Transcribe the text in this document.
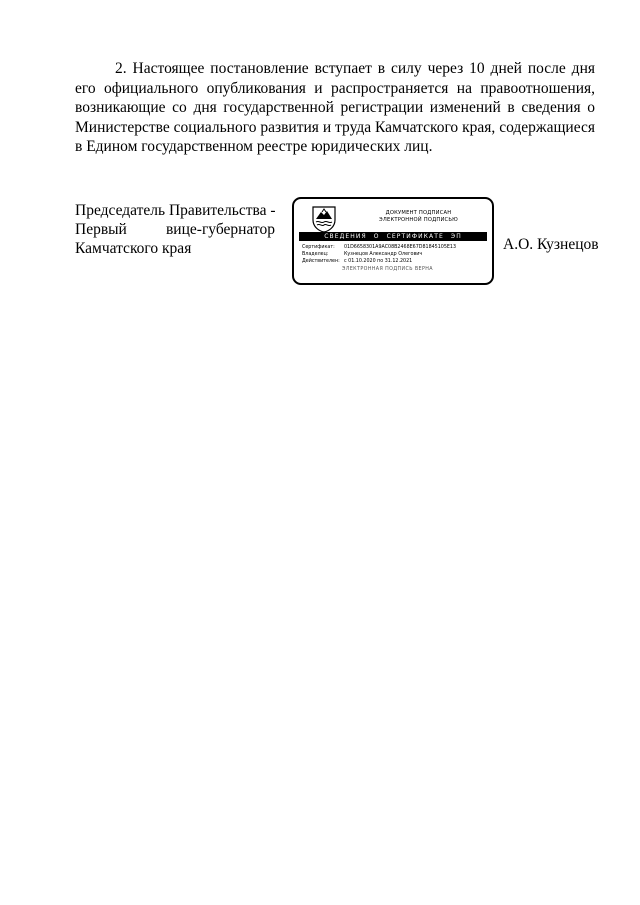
2. Настоящее постановление вступает в силу через 10 дней после дня его официального опубликования и распространяется на правоотношения, возникающие со дня государственной регистрации изменений в сведения о Министерстве социального развития и труда Камчатского края, содержащиеся в Едином государственном реестре юридических лиц.

Председатель Правительства -
Первый вице-губернатор
Камчатского края
ДОКУМЕНТ ПОДПИСАН
ЭЛЕКТРОННОЙ ПОДПИСЬЮ
СВЕДЕНИЯ О СЕРТИФИКАТЕ ЭП
Сертификат:	01D6658301A9AC08B2468E67D81845105E13
Владелец:	Кузнецов Александр Олегович
Действителен: с 01.10.2020 по 31.12.2021
ЭЛЕКТРОННАЯ ПОДПИСЬ ВЕРНА
А.О. Кузнецов
